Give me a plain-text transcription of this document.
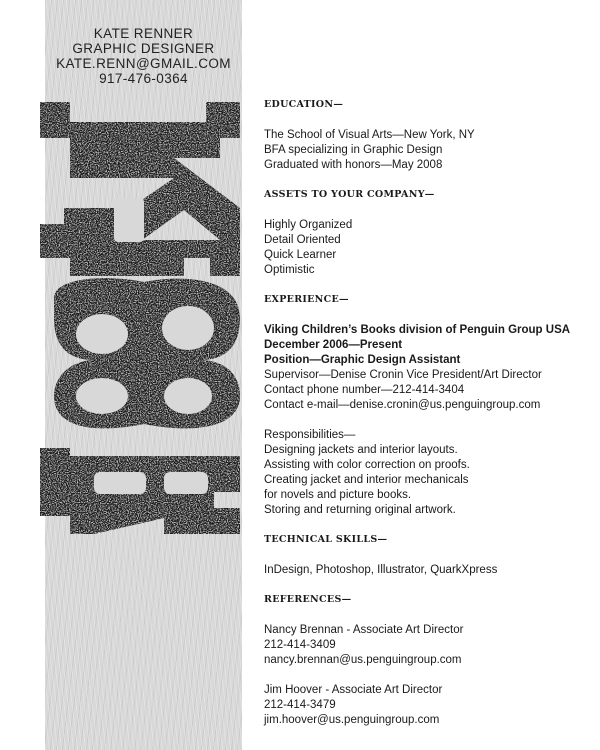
KATE RENNER
GRAPHIC DESIGNER
KATE.RENN@GMAIL.COM
917-476-0364
EDUCATION—
The School of Visual Arts—New York, NY
BFA specializing in Graphic Design
Graduated with honors—May 2008
ASSETS TO YOUR COMPANY—
Highly Organized
Detail Oriented
Quick Learner
Optimistic
EXPERIENCE—
Viking Children’s Books division of Penguin Group USA
December 2006—Present
Position—Graphic Design Assistant
Supervisor—Denise Cronin Vice President/Art Director
Contact phone number—212-414-3404
Contact e-mail—denise.cronin@us.penguingroup.com
Responsibilities—
Designing jackets and interior layouts.
Assisting with color correction on proofs.
Creating jacket and interior mechanicals
for novels and picture books.
Storing and returning original artwork.
TECHNICAL SKILLS—
InDesign, Photoshop, Illustrator, QuarkXpress
REFERENCES—
Nancy Brennan - Associate Art Director
212-414-3409
nancy.brennan@us.penguingroup.com
Jim Hoover - Associate Art Director
212-414-3479
jim.hoover@us.penguingroup.com
